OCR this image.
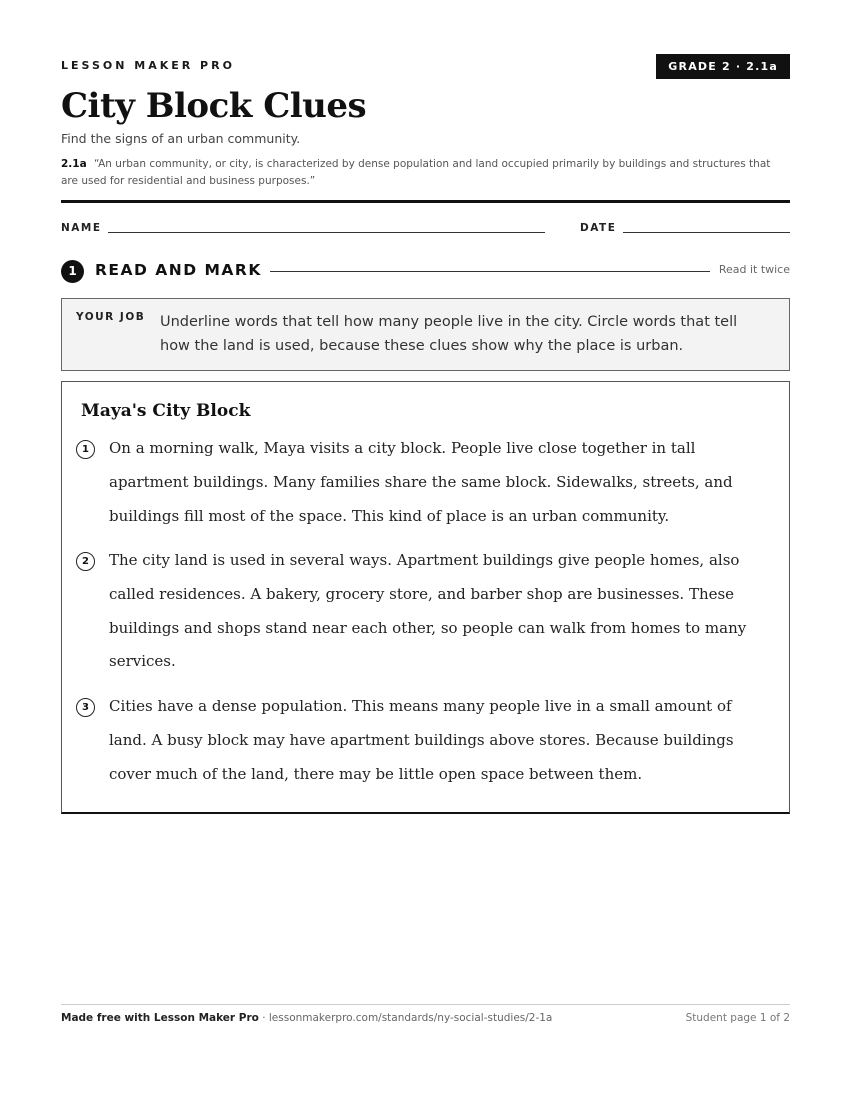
LESSON MAKER PRO	GRADE 2 · 2.1a
City Block Clues
Find the signs of an urban community.
2.1a “An urban community, or city, is characterized by dense population and land occupied primarily by buildings and structures that are used for residential and business purposes.”
NAME	DATE
1	READ AND MARK	Read it twice
YOUR JOB Underline words that tell how many people live in the city. Circle words that tell how the land is used, because these clues show why the place is urban.
Maya's City Block
1	On a morning walk, Maya visits a city block. People live close together in tall apartment buildings. Many families share the same block. Sidewalks, streets, and buildings fill most of the space. This kind of place is an urban community.
2	The city land is used in several ways. Apartment buildings give people homes, also called residences. A bakery, grocery store, and barber shop are businesses. These buildings and shops stand near each other, so people can walk from homes to many services.
3	Cities have a dense population. This means many people live in a small amount of land. A busy block may have apartment buildings above stores. Because buildings cover much of the land, there may be little open space between them.
Made free with Lesson Maker Pro · lessonmakerpro.com/standards/ny-social-studies/2-1a	Student page 1 of 2
